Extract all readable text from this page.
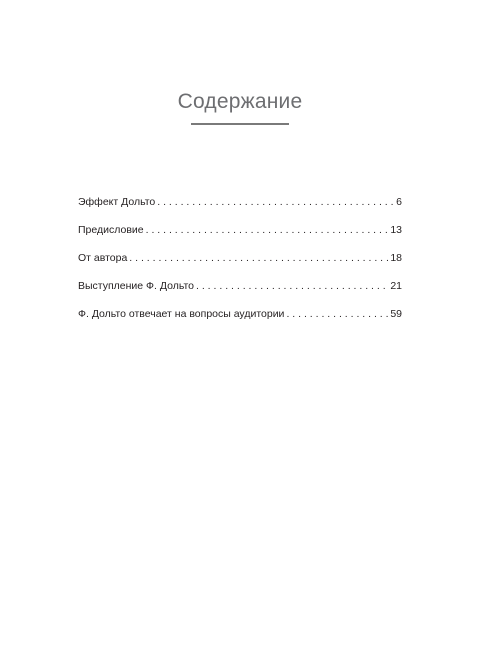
Содержание
Эффект Дольто . . .	6
Предисловие . . .	13
От автора . . .	18
Выступление Ф. Дольто . . .	21
Ф. Дольто отвечает на вопросы аудитории . . .	59
